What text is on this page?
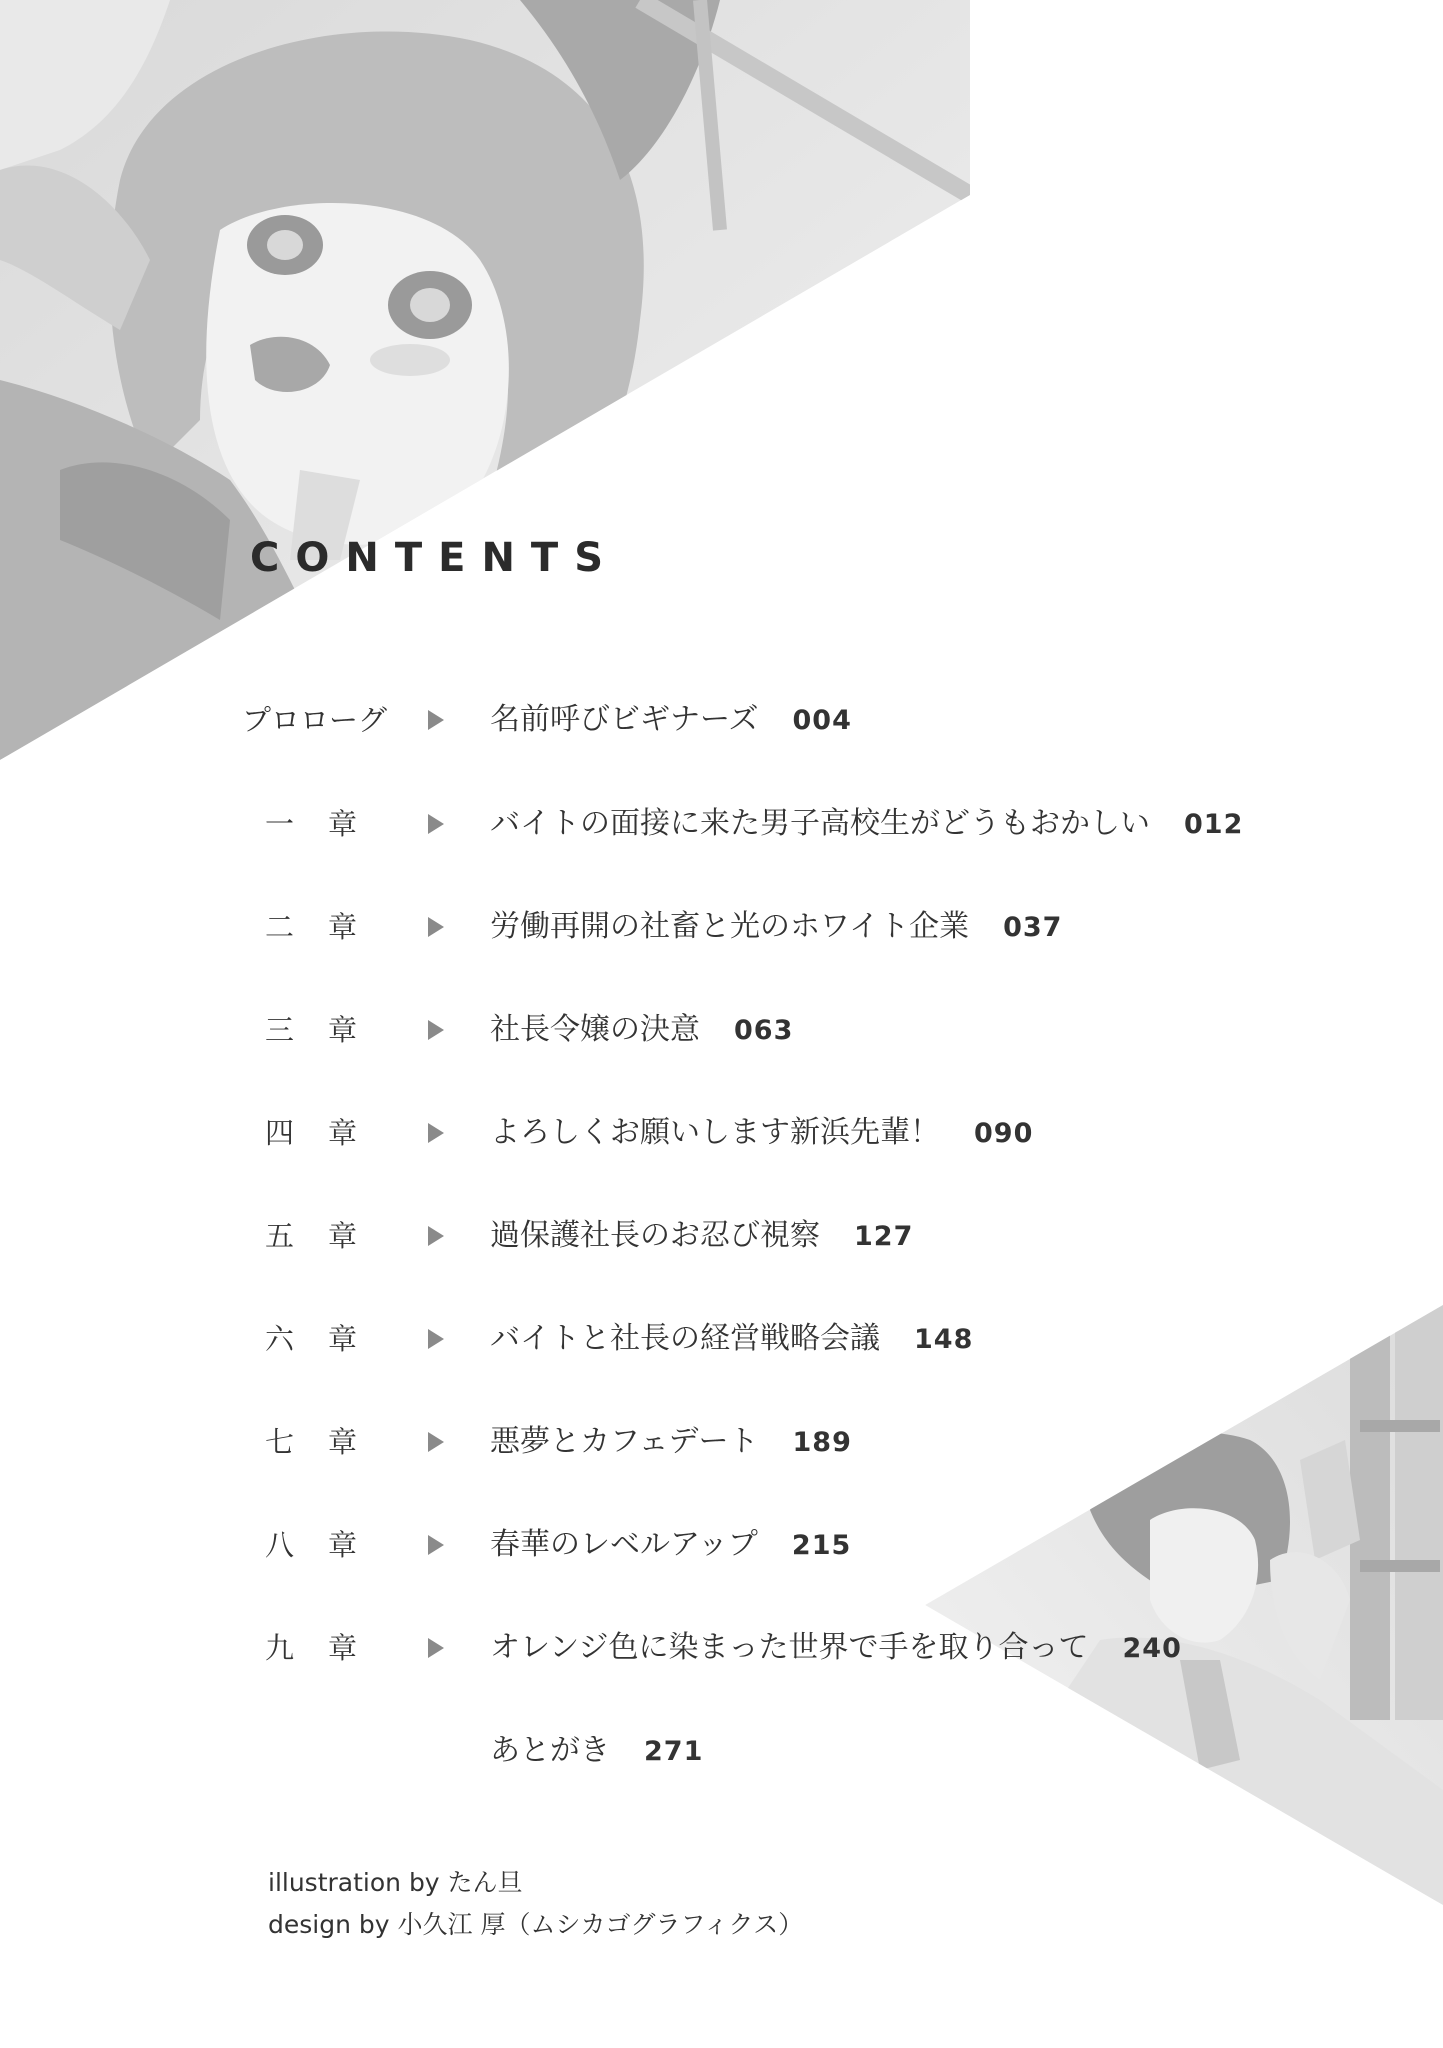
CONTENTS
プロローグ	名前呼びビギナーズ 004
一章	バイトの面接に来た男子高校生がどうもおかしい 012
二章	労働再開の社畜と光のホワイト企業 037
三章	社長令嬢の決意 063
四章	よろしくお願いします新浜先輩！ 090
五章	過保護社長のお忍び視察 127
六章	バイトと社長の経営戦略会議 148
七章	悪夢とカフェデート 189
八章	春華のレベルアップ 215
九章	オレンジ色に染まった世界で手を取り合って 240
あとがき 271
illustration by たん旦
design by 小久江 厚（ムシカゴグラフィクス）
